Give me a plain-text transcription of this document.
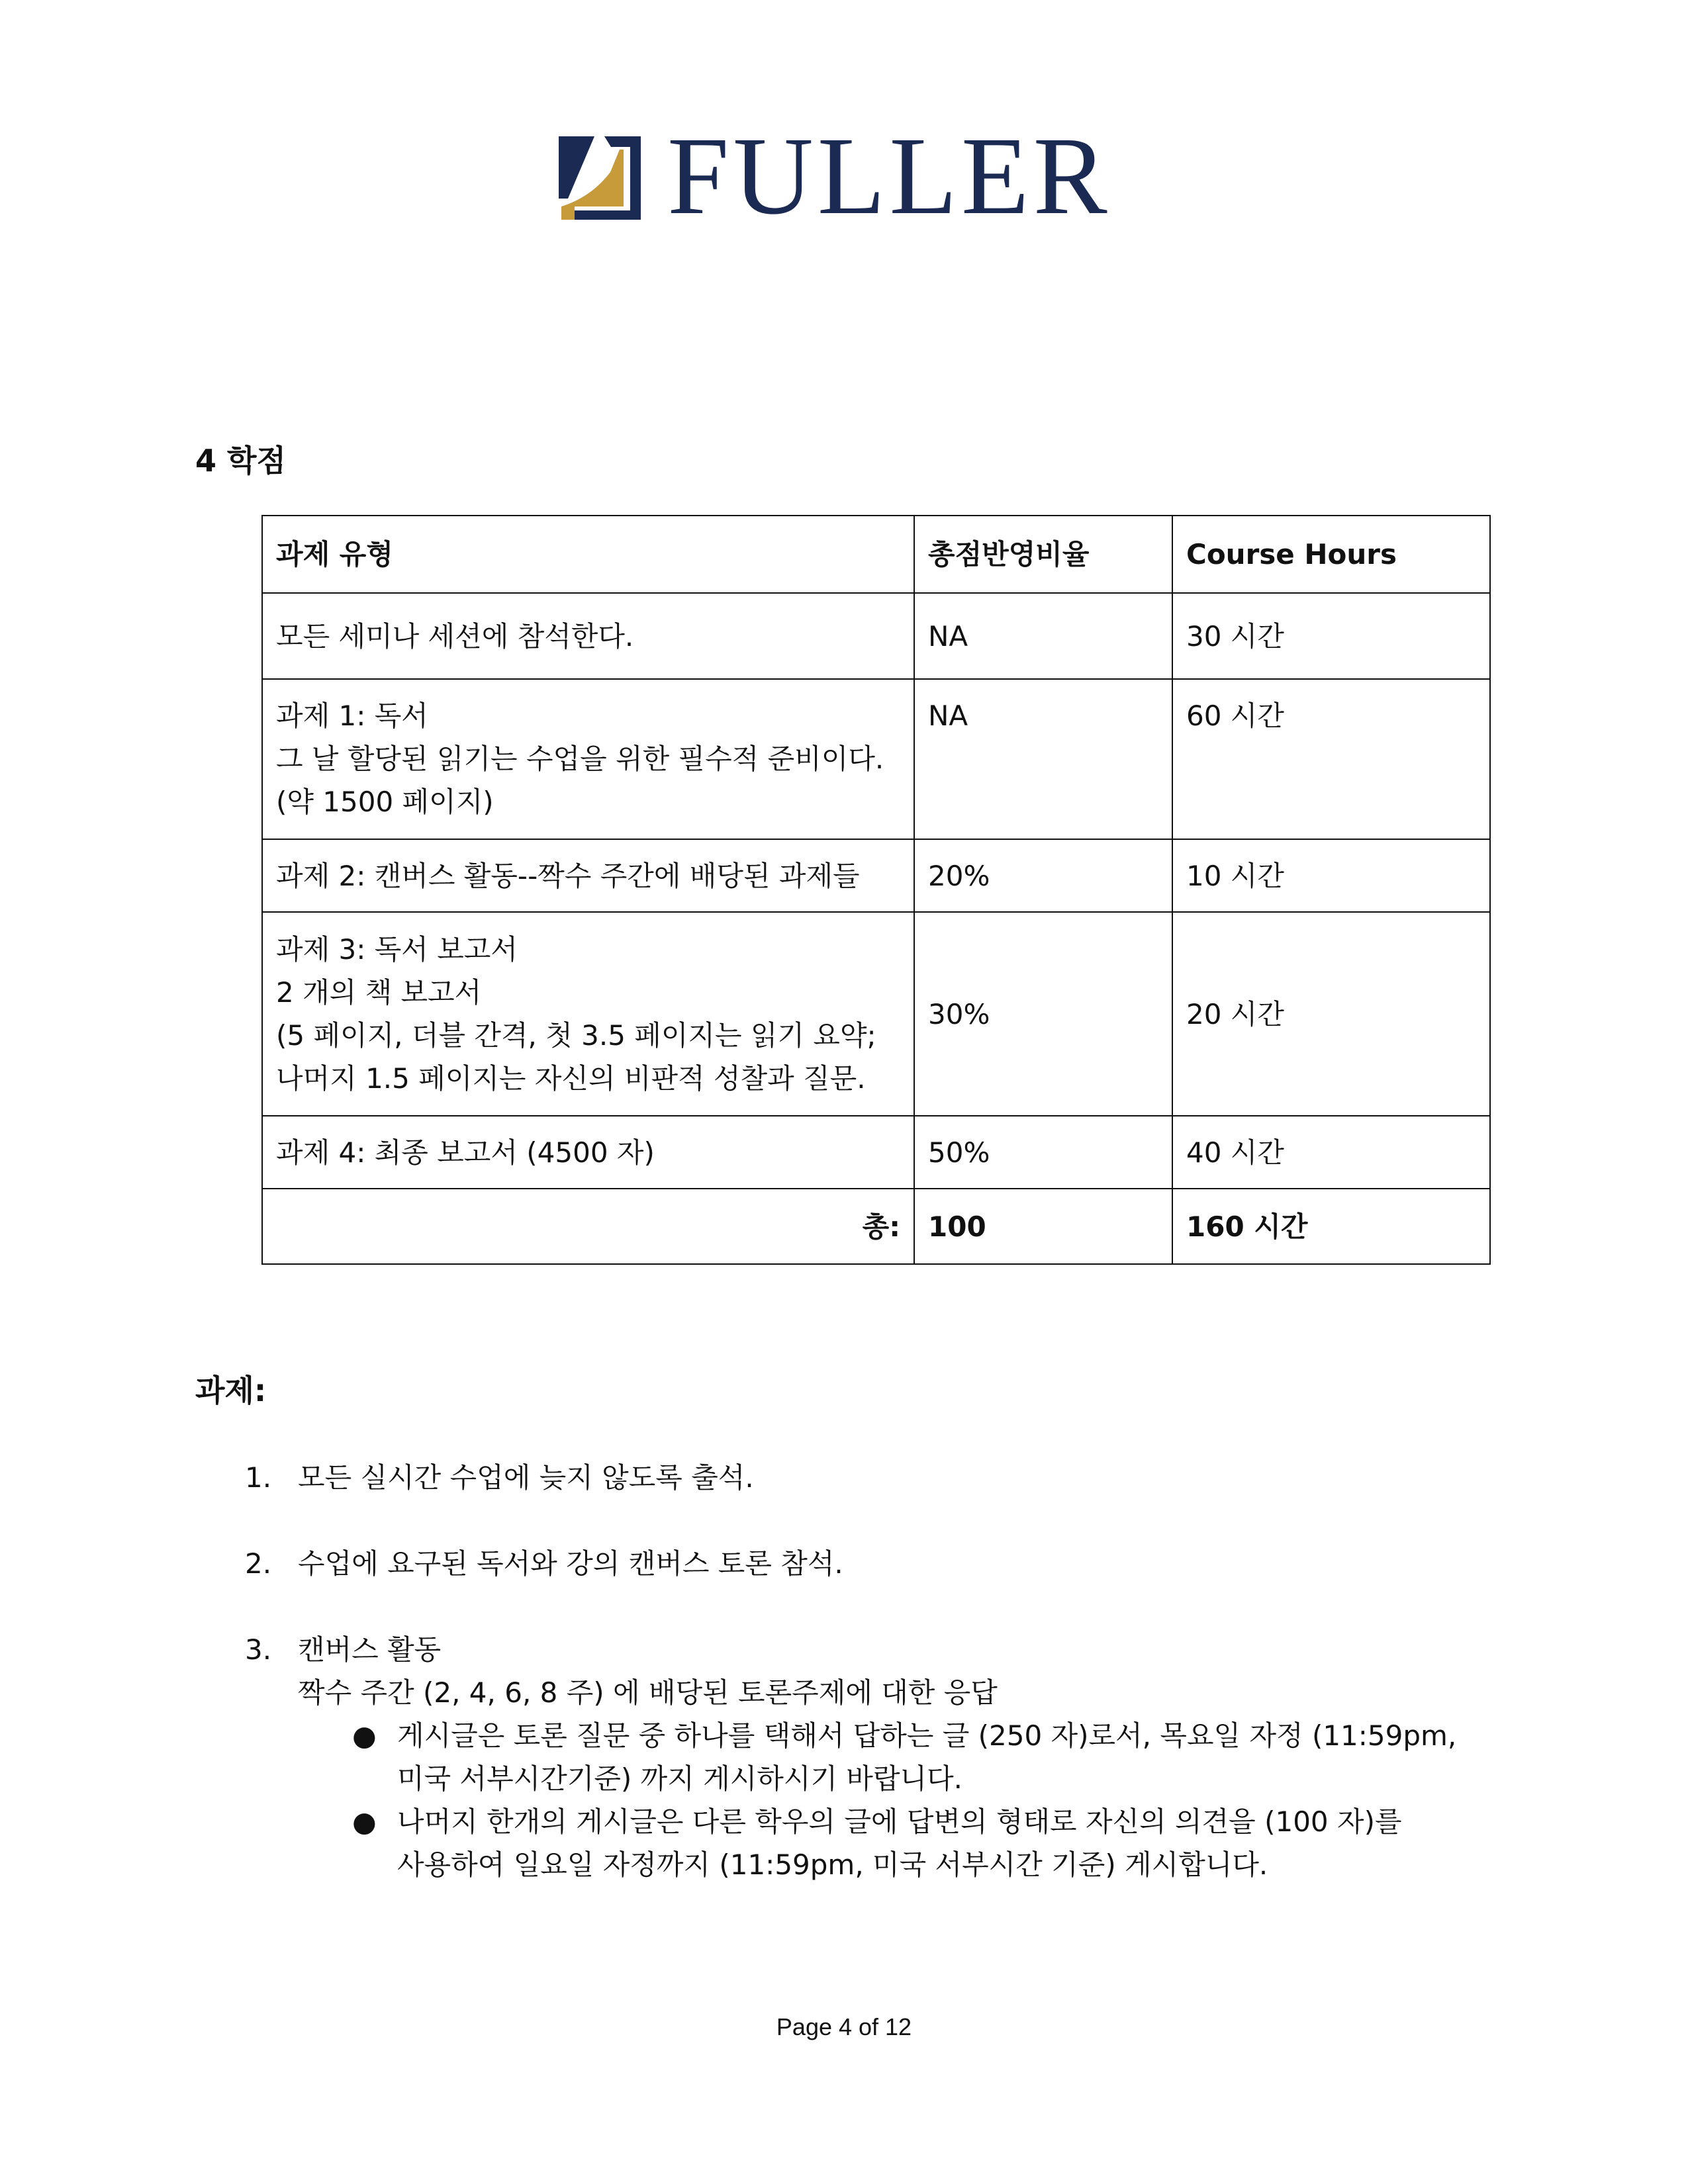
FULLER
4 학점
과제 유형	총점반영비율	Course Hours

모든 세미나 세션에 참석한다.	NA	30 시간

과제 1: 독서
그 날 할당된 읽기는 수업을 위한 필수적 준비이다.
(약 1500 페이지)	NA	60 시간

과제 2: 캔버스 활동--짝수 주간에 배당된 과제들	20%	10 시간

과제 3: 독서 보고서
2 개의 책 보고서
(5 페이지, 더블 간격, 첫 3.5 페이지는 읽기 요약;
나머지 1.5 페이지는 자신의 비판적 성찰과 질문.	30%	20 시간

과제 4: 최종 보고서 (4500 자)	50%	40 시간
총:	100	160 시간
과제:
1. 모든 실시간 수업에 늦지 않도록 출석.
2. 수업에 요구된 독서와 강의 캔버스 토론 참석.
3. 캔버스 활동
짝수 주간 (2, 4, 6, 8 주) 에 배당된 토론주제에 대한 응답
● 게시글은 토론 질문 중 하나를 택해서 답하는 글 (250 자)로서, 목요일 자정 (11:59pm,
미국 서부시간기준) 까지 게시하시기 바랍니다.
● 나머지 한개의 게시글은 다른 학우의 글에 답변의 형태로 자신의 의견을 (100 자)를
사용하여 일요일 자정까지 (11:59pm, 미국 서부시간 기준) 게시합니다.
Page 4 of 12
